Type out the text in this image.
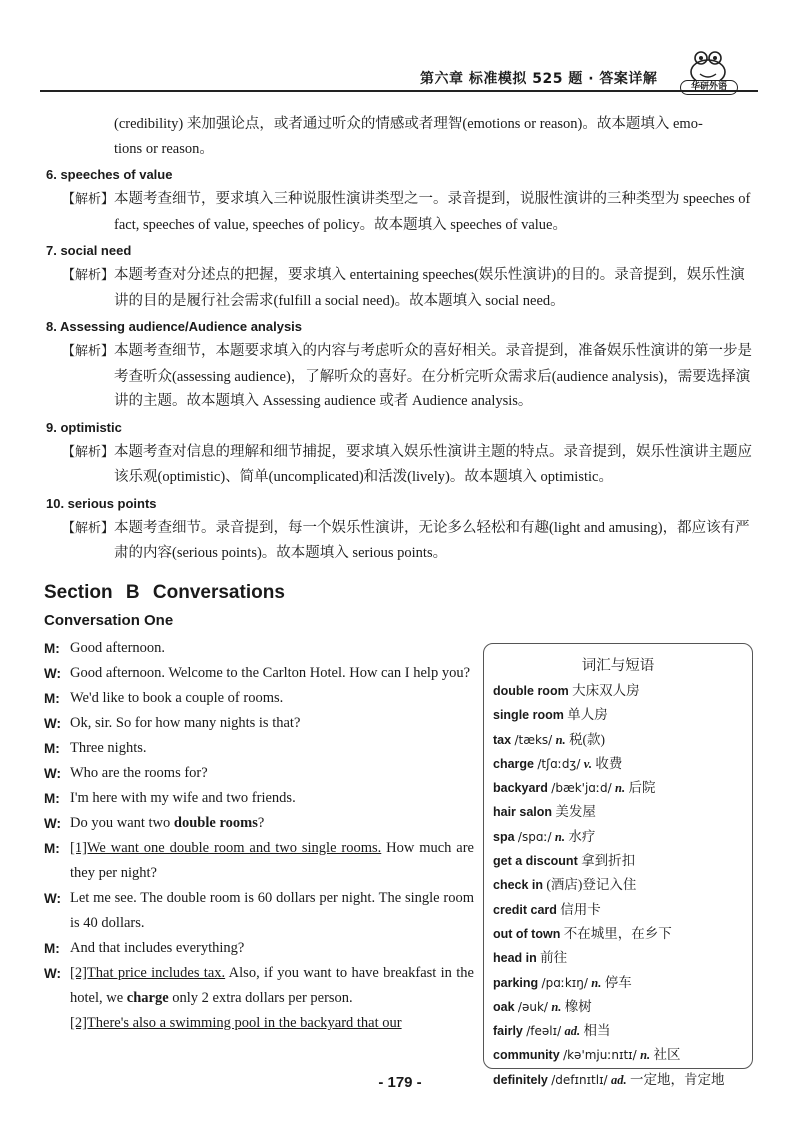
第六章 标准模拟 525 题 · 答案详解	华研外语
(credibility) 来加强论点，或者通过听众的情感或者理智(emotions or reason)。故本题填入 emo-
tions or reason。
6. speeches of value
【解析】本题考查细节，要求填入三种说服性演讲类型之一。录音提到，说服性演讲的三种类型为 speeches of fact, speeches of value, speeches of policy。故本题填入 speeches of value。
7. social need
【解析】本题考查对分述点的把握，要求填入 entertaining speeches(娱乐性演讲)的目的。录音提到，娱乐性演讲的目的是履行社会需求(fulfill a social need)。故本题填入 social need。
8. Assessing audience/Audience analysis
【解析】本题考查细节，本题要求填入的内容与考虑听众的喜好相关。录音提到，准备娱乐性演讲的第一步是考查听众(assessing audience)，了解听众的喜好。在分析完听众需求后(audience analysis)，需要选择演讲的主题。故本题填入 Assessing audience 或者 Audience analysis。
9. optimistic
【解析】本题考查对信息的理解和细节捕捉，要求填入娱乐性演讲主题的特点。录音提到，娱乐性演讲主题应该乐观(optimistic)、简单(uncomplicated)和活泼(lively)。故本题填入 optimistic。
10. serious points
【解析】本题考查细节。录音提到，每一个娱乐性演讲，无论多么轻松和有趣(light and amusing)，都应该有严肃的内容(serious points)。故本题填入 serious points。
Section B Conversations
Conversation One
M: Good afternoon.
W: Good afternoon. Welcome to the Carlton Hotel. How can I help you?
M: We'd like to book a couple of rooms.
W: Ok, sir. So for how many nights is that?
M: Three nights.
W: Who are the rooms for?
M: I'm here with my wife and two friends.
W: Do you want two double rooms?
M: [1]We want one double room and two single rooms. How much are they per night?
W: Let me see. The double room is 60 dollars per night. The single room is 40 dollars.
M: And that includes everything?
W: [2]That price includes tax. Also, if you want to have breakfast in the hotel, we charge only 2 extra dollars per person.
[2]There's also a swimming pool in the backyard that our
词汇与短语
double room 大床双人房
single room 单人房
tax /tæks/ n. 税(款)
charge /tʃɑːdʒ/ v. 收费
backyard /bæk'jɑːd/ n. 后院
hair salon 美发屋
spa /spɑː/ n. 水疗
get a discount 拿到折扣
check in (酒店)登记入住
credit card 信用卡
out of town 不在城里，在乡下
head in 前往
parking /pɑːkɪŋ/ n. 停车
oak /əuk/ n. 橡树
fairly /feəlɪ/ ad. 相当
community /kə'mjuːnɪtɪ/ n. 社区
definitely /defɪnɪtlɪ/ ad. 一定地，肯定地
- 179 -
